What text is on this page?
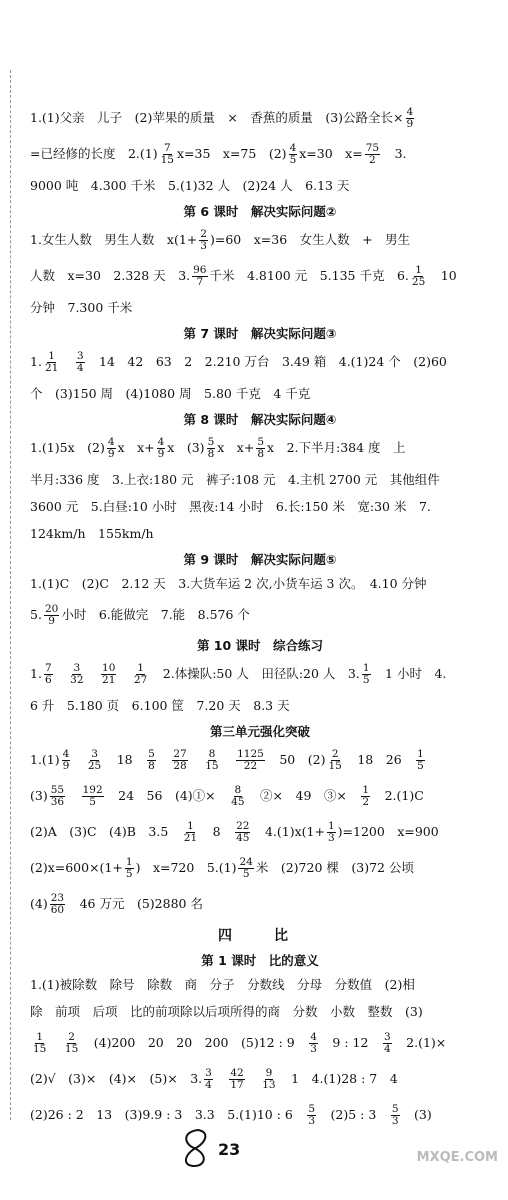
1.(1)父亲　儿子　(2)苹果的质量　×　香蕉的质量　(3)公路全长× $\frac{4}{9}$
=已经修的长度　$2.(1) \frac{7}{15} x=35$　x=75　$(2) \frac{4}{5} x=30$　$x= \frac{75}{2}$ 　3.
9000 吨　4.300 千米　5.(1)32 人　(2)24 人　6.13 天
第 6 课时　解决实际问题②
1.女生人数　男生人数　$x(1+ \frac{2}{3} )=60$　x=36　女生人数　+　男生
人数　x=30　2.328 天　3. $\frac{96}{7}$ 千米　4.8100 元　5.135 千克　6. $\frac{1}{25}$ 　10
分钟　7.300 千米
第 7 课时　解决实际问题③
1. $\frac{1}{21}$
　 $\frac{3}{4}$ 　14　42　63　2　2.210 万台　3.49 箱　4.(1)24 个　(2)60
个　(3)150 周　(4)1080 周　5.80 千克　4 千克
第 8 课时　解决实际问题④
1.(1)5x　$(2) \frac{4}{9}$ x　$x+ \frac{4}{9}$ x　$(3) \frac{5}{8}$ x　$x+ \frac{5}{8}$ x　2.下半月:384 度　上
半月:336 度　3.上衣:180 元　裤子:108 元　4.主机 2700 元　其他组件
3600 元　5.白昼:10 小时　黑夜:14 小时　6.长:150 米　宽:30 米　7.
124km/h　155km/h
第 9 课时　解决实际问题⑤
1.(1)C　(2)C　2.12 天　3.大货车运 2 次,小货车运 3 次。　4.10 分钟
5. $\frac{20}{9}$ 小时　6.能做完　7.能　8.576 个
第 10 课时　综合练习
1. $\frac{7}{6}$
　 $\frac{3}{32}$
　 $\frac{10}{21}$
　 $\frac{1}{27}$ 　2.体操队:50 人　田径队:20 人　3. $\frac{1}{5}$ 　1 小时　4.
6 升　5.180 页　6.100 筐　7.20 天　8.3 天
第三单元强化突破
$1.(1) \frac{4}{9}$
　 $\frac{3}{25}$ 　18　 $\frac{5}{8}$
　 $\frac{27}{28}$
　 $\frac{8}{15}$
　 $\frac{1125}{22}$ 　50　$(2) \frac{2}{15}$ 　18　26　 $\frac{1}{5}$
$(3) \frac{55}{36}$
　 $\frac{192}{5}$ 　24　56　(4)①×　 $\frac{8}{45}$ 　②×　49　③×　 $\frac{1}{2}$ 　2.(1)C
(2)A　(3)C　(4)B　3.5　 $\frac{1}{21}$ 　8　 $\frac{22}{45}$ 　$4.(1)x(1+ \frac{1}{3} )=1200$　x=900
$(2)x=600\times(1+ \frac{1}{5}$ )　x=720　$5.(1) \frac{24}{5}$ 米　(2)720 棵　(3)72 公顷
$(4) \frac{23}{60}$ 　46 万元　(5)2880 名
四　比
第 1 课时　比的意义
1.(1)被除数　除号　除数　商　分子　分数线　分母　分数值　(2)相
除　前项　后项　比的前项除以后项所得的商　分数　小数　整数　(3)
$\frac{1}{15}$
　 $\frac{2}{15}$ 　(4)200　20　20　200　(5)12 : 9　 $\frac{4}{3}$ 　9 : 12　 $\frac{3}{4}$ 　2.(1)×
(2)√　(3)×　(4)×　(5)×　3. $\frac{3}{4}$
　 $\frac{42}{17}$
　 $\frac{9}{13}$ 　1　4.(1)28 : 7　4
(2)26 : 2　13　(3)9.9 : 3　3.3　5.(1)10 : 6　 $\frac{5}{3}$ 　(2)5 : 3　 $\frac{5}{3}$ 　(3)
23	MXQE.COM
